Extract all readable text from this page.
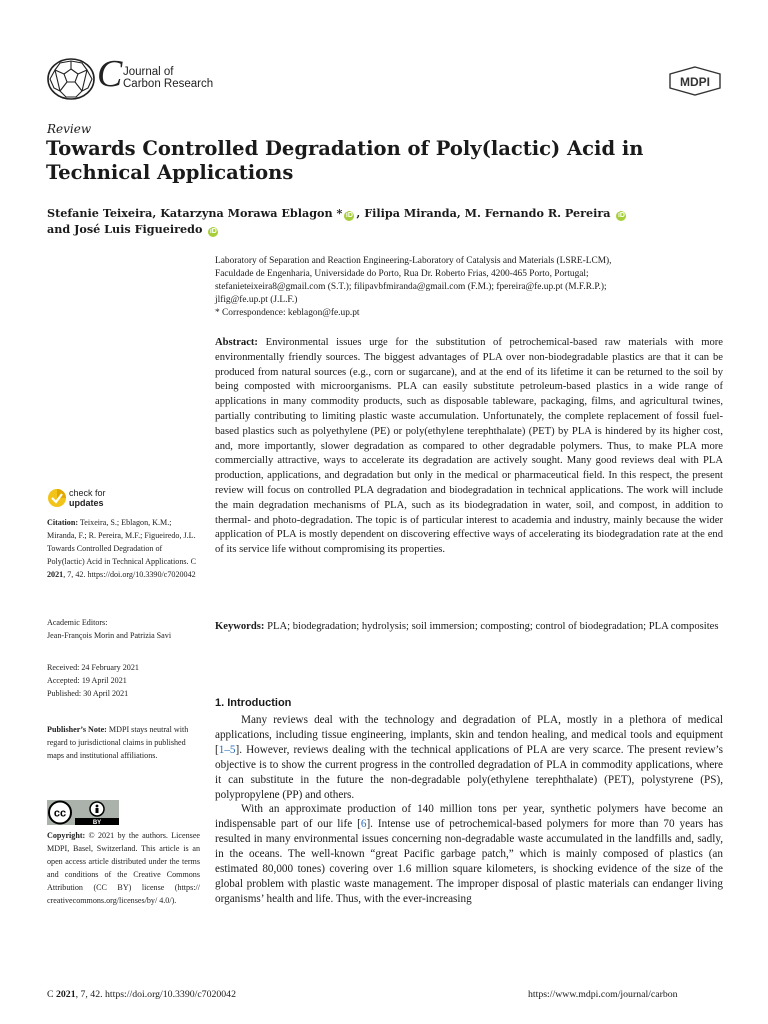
C Journal of
Carbon Research	MDPI
Review
Towards Controlled Degradation of Poly(lactic) Acid in Technical Applications
Stefanie Teixeira, Katarzyna Morawa Eblagon * iD , Filipa Miranda, M. Fernando R. Pereira iD
and José Luis Figueiredo iD
Laboratory of Separation and Reaction Engineering-Laboratory of Catalysis and Materials (LSRE-LCM),
Faculdade de Engenharia, Universidade do Porto, Rua Dr. Roberto Frias, 4200-465 Porto, Portugal;
stefanieteixeira8@gmail.com (S.T.); filipavbfmiranda@gmail.com (F.M.); fpereira@fe.up.pt (M.F.R.P.);
jlfig@fe.up.pt (J.L.F.)
* Correspondence: keblagon@fe.up.pt
Abstract: Environmental issues urge for the substitution of petrochemical-based raw materials with more environmentally friendly sources. The biggest advantages of PLA over non-biodegradable plastics are that it can be produced from natural sources (e.g., corn or sugarcane), and at the end of its lifetime it can be returned to the soil by being composted with microorganisms. PLA can easily substitute petroleum-based plastics in a wide range of applications in many commodity products, such as disposable tableware, packaging, films, and agricultural twines, partially contributing to limiting plastic waste accumulation. Unfortunately, the complete replacement of fossil fuel-based plastics such as polyethylene (PE) or poly(ethylene terephthalate) (PET) by PLA is hindered by its higher cost, and, more importantly, slower degradation as compared to other degradable polymers. Thus, to make PLA more commercially attractive, ways to accelerate its degradation are actively sought. Many good reviews deal with PLA production, applications, and degradation but only in the medical or pharmaceutical field. In this respect, the present review will focus on controlled PLA degradation and biodegradation in technical applications. The work will include the main degradation mechanisms of PLA, such as its biodegradation in water, soil, and compost, in addition to thermal- and photo-degradation. The topic is of particular interest to academia and industry, mainly because the wider application of PLA is mostly dependent on discovering effective ways of accelerating its biodegradation rate at the end of its service life without compromising its properties.
Keywords: PLA; biodegradation; hydrolysis; soil immersion; composting; control of biodegradation; PLA composites
1. Introduction

Many reviews deal with the technology and degradation of PLA, mostly in a plethora of medical applications, including tissue engineering, implants, skin and tendon healing, and medical tools and equipment [1–5]. However, reviews dealing with the technical applications of PLA are very scarce. The present review’s objective is to show the current progress in the controlled degradation of PLA in commodity applications, where it can substitute in the future the non-degradable poly(ethylene terephthalate) (PET), polystyrene (PS), polypropylene (PP) and others.

With an approximate production of 140 million tons per year, synthetic polymers have become an indispensable part of our life [6]. Intense use of petrochemical-based polymers for more than 70 years has resulted in many environmental issues concerning non-degradable waste accumulated in the landfills and, sadly, in the oceans. The well-known “great Pacific garbage patch,” which is mainly composed of plastics (an estimated 80,000 tones) covering over 1.6 million square kilometers, is shocking evidence of the size of the global problem with plastic waste management. The improper disposal of plastic materials can endanger living organisms’ health and life. Thus, with the ever-increasing

check for
updates
Citation: Teixeira, S.; Eblagon, K.M.; Miranda, F.; R. Pereira, M.F.; Figueiredo, J.L. Towards Controlled Degradation of Poly(lactic) Acid in Technical Applications. C 2021, 7, 42. https://doi.org/10.3390/c7020042
Academic Editors:
Jean-François Morin and Patrizia Savi
Received: 24 February 2021
Accepted: 19 April 2021
Published: 30 April 2021
Publisher’s Note: MDPI stays neutral with regard to jurisdictional claims in published maps and institutional affiliations.
cc
BY
Copyright: © 2021 by the authors. Licensee MDPI, Basel, Switzerland. This article is an open access article distributed under the terms and conditions of the Creative Commons Attribution (CC BY) license (https:// creativecommons.org/licenses/by/ 4.0/).
C 2021, 7, 42. https://doi.org/10.3390/c7020042	https://www.mdpi.com/journal/carbon
